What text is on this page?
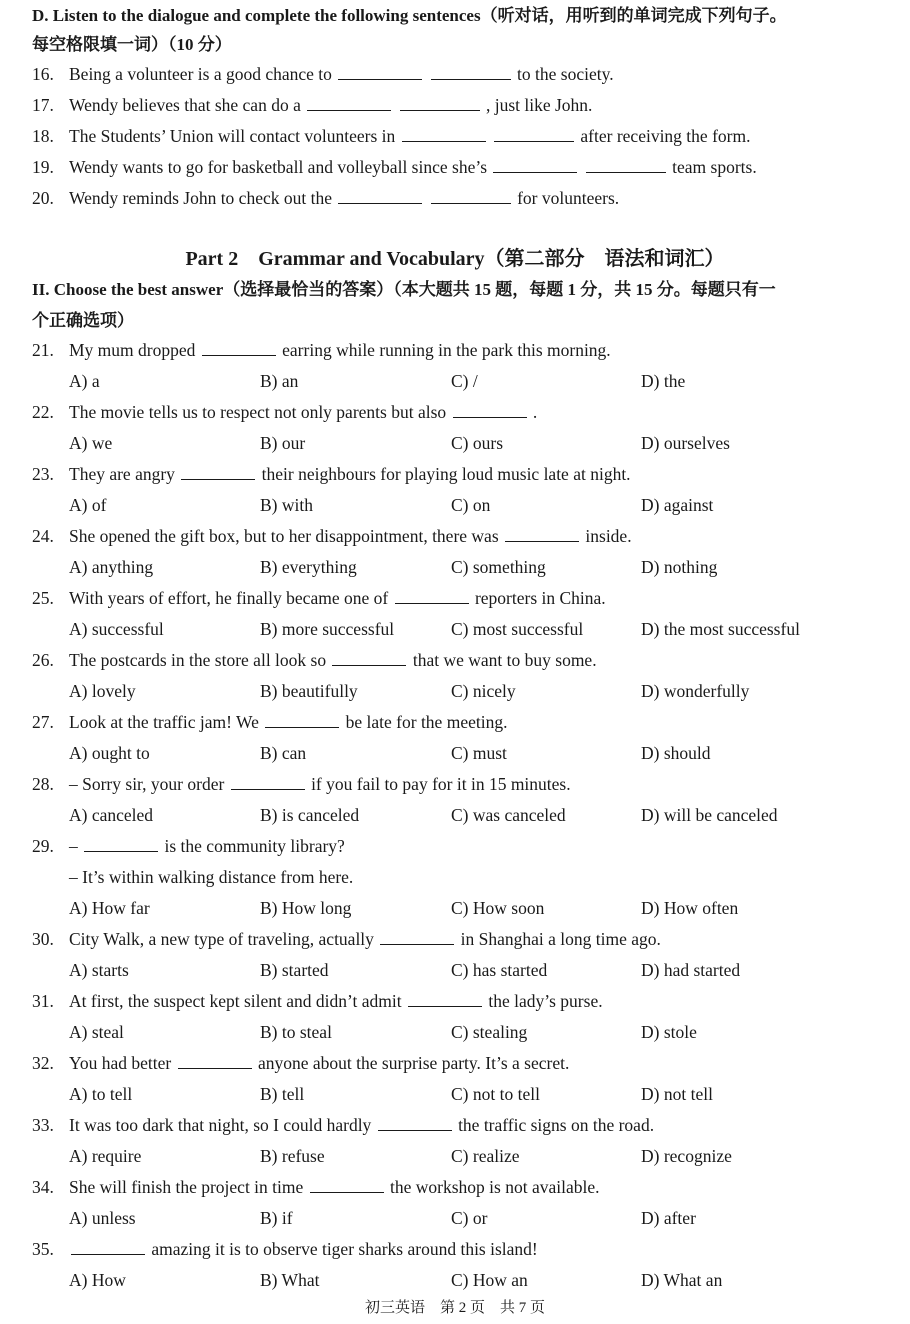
D. Listen to the dialogue and complete the following sentences（听对话，用听到的单词完成下列句子。
每空格限填一词）（10 分）
16. Being a volunteer is a good chance to	to the society.
17. Wendy believes that she can do a	, just like John.
18. The Students’ Union will contact volunteers in	after receiving the form.
19. Wendy wants to go for basketball and volleyball since she’s	team sports.
20. Wendy reminds John to check out the	for volunteers.
Part 2　Grammar and Vocabulary（第二部分　语法和词汇）
II. Choose the best answer（选择最恰当的答案）（本大题共 15 题，每题 1 分，共 15 分。每题只有一
个正确选项）
21. My mum dropped	earring while running in the park this morning.
A) a	B) an	C) /	D) the
22. The movie tells us to respect not only parents but also	.
A) we	B) our	C) ours	D) ourselves
23. They are angry	their neighbours for playing loud music late at night.
A) of	B) with	C) on	D) against
24. She opened the gift box, but to her disappointment, there was	inside.
A) anything	B) everything	C) something	D) nothing
25. With years of effort, he finally became one of	reporters in China.
A) successful	B) more successful	C) most successful	D) the most successful
26. The postcards in the store all look so	that we want to buy some.
A) lovely	B) beautifully	C) nicely	D) wonderfully
27. Look at the traffic jam! We	be late for the meeting.
A) ought to	B) can	C) must	D) should
28. – Sorry sir, your order	if you fail to pay for it in 15 minutes.
A) canceled	B) is canceled	C) was canceled	D) will be canceled
29. –	is the community library?
– It’s within walking distance from here.
A) How far	B) How long	C) How soon	D) How often
30. City Walk, a new type of traveling, actually	in Shanghai a long time ago.
A) starts	B) started	C) has started	D) had started
31. At first, the suspect kept silent and didn’t admit	the lady’s purse.
A) steal	B) to steal	C) stealing	D) stole
32. You had better	anyone about the surprise party. It’s a secret.
A) to tell	B) tell	C) not to tell	D) not tell
33. It was too dark that night, so I could hardly	the traffic signs on the road.
A) require	B) refuse	C) realize	D) recognize
34. She will finish the project in time	the workshop is not available.
A) unless	B) if	C) or	D) after
35.	amazing it is to observe tiger sharks around this island!
A) How	B) What	C) How an	D) What an
初三英语　第 2 页　共 7 页
